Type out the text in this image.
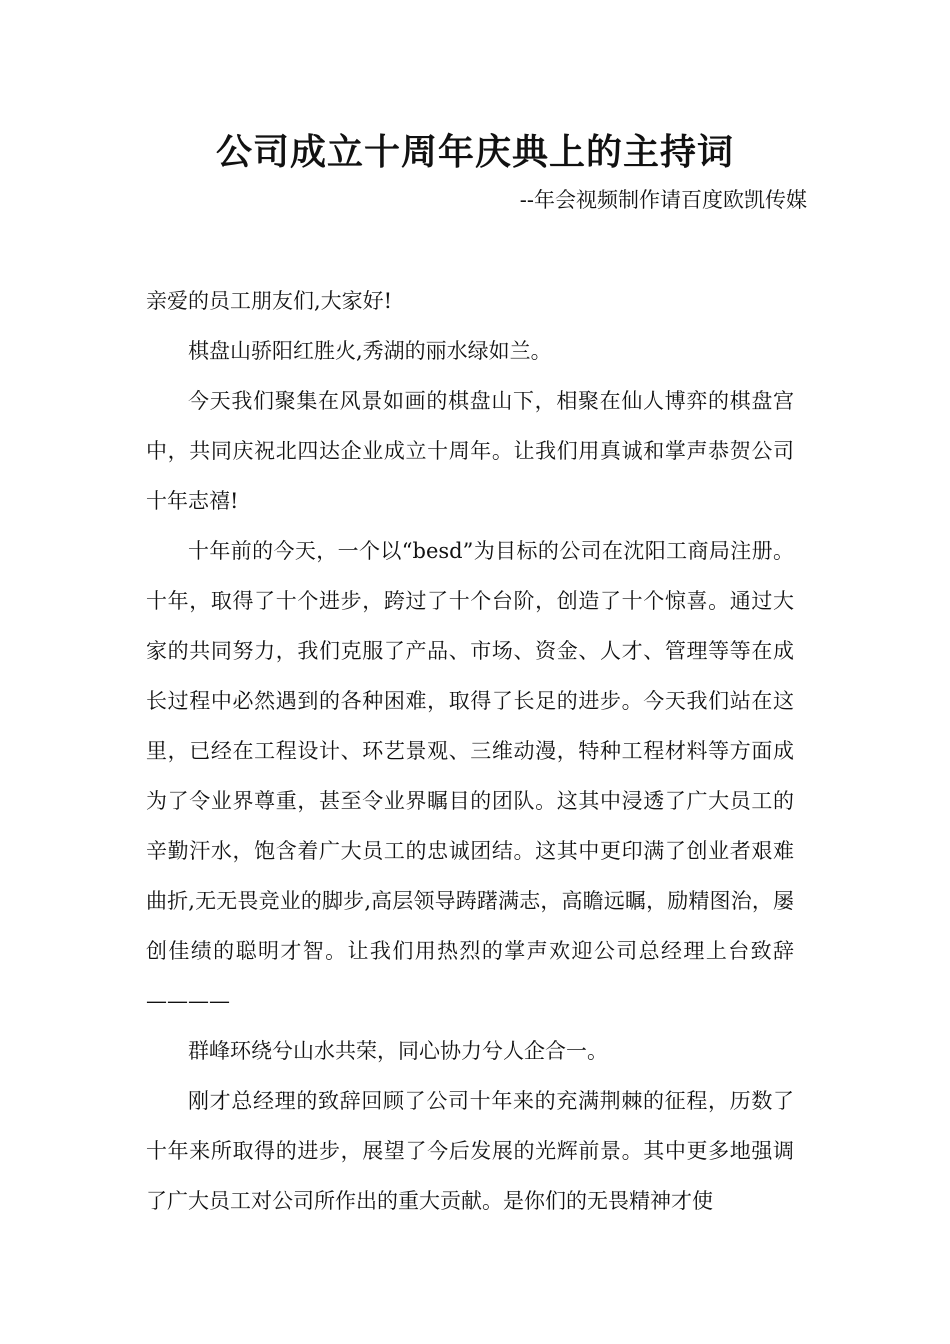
公司成立十周年庆典上的主持词
--年会视频制作请百度欧凯传媒

亲爱的员工朋友们,大家好!

棋盘山骄阳红胜火,秀湖的丽水绿如兰。

今天我们聚集在风景如画的棋盘山下，相聚在仙人博弈的棋盘宫中，共同庆祝北四达企业成立十周年。让我们用真诚和掌声恭贺公司十年志禧!

十年前的今天，一个以“besd”为目标的公司在沈阳工商局注册。十年，取得了十个进步，跨过了十个台阶，创造了十个惊喜。通过大家的共同努力，我们克服了产品、市场、资金、人才、管理等等在成长过程中必然遇到的各种困难，取得了长足的进步。今天我们站在这里，已经在工程设计、环艺景观、三维动漫，特种工程材料等方面成为了令业界尊重，甚至令业界瞩目的团队。这其中浸透了广大员工的辛勤汗水，饱含着广大员工的忠诚团结。这其中更印满了创业者艰难曲折,无无畏竞业的脚步,高层领导踌躇满志，高瞻远瞩，励精图治，屡创佳绩的聪明才智。让我们用热烈的掌声欢迎公司总经理上台致辞————

群峰环绕兮山水共荣，同心协力兮人企合一。

刚才总经理的致辞回顾了公司十年来的充满荆棘的征程，历数了十年来所取得的进步，展望了今后发展的光辉前景。其中更多地强调了广大员工对公司所作出的重大贡献。是你们的无畏精神才使
